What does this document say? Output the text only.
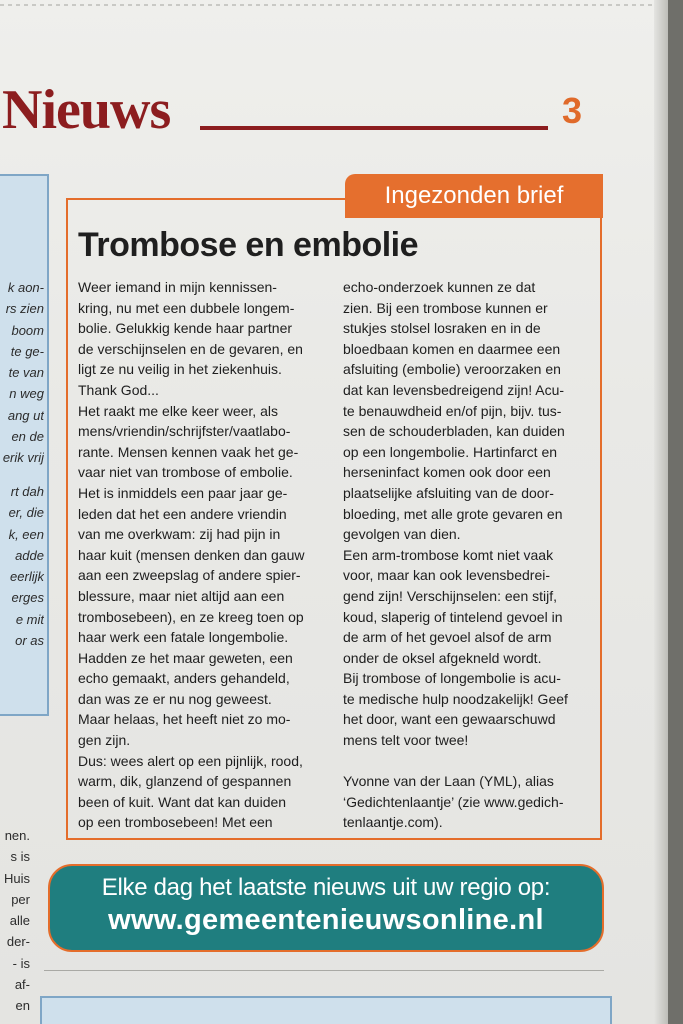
Nieuws	3
k aon-
rs zien
boom
te ge-
te van
n weg
ang ut
en de
erik vrij
rt dah
er, die
k, een
adde
eerlijk
erges
e mit
or as
nen.
s is
Huis
per
alle
der-
- is
af-
en
Ingezonden brief
Trombose en embolie
Weer iemand in mijn kennissen-
kring, nu met een dubbele longem-
bolie. Gelukkig kende haar partner
de verschijnselen en de gevaren, en
ligt ze nu veilig in het ziekenhuis.
Thank God...
Het raakt me elke keer weer, als
mens/vriendin/schrijfster/vaatlabo-
rante. Mensen kennen vaak het ge-
vaar niet van trombose of embolie.
Het is inmiddels een paar jaar ge-
leden dat het een andere vriendin
van me overkwam: zij had pijn in
haar kuit (mensen denken dan gauw
aan een zweepslag of andere spier-
blessure, maar niet altijd aan een
trombosebeen), en ze kreeg toen op
haar werk een fatale longembolie.
Hadden ze het maar geweten, een
echo gemaakt, anders gehandeld,
dan was ze er nu nog geweest.
Maar helaas, het heeft niet zo mo-
gen zijn.
Dus: wees alert op een pijnlijk, rood,
warm, dik, glanzend of gespannen
been of kuit. Want dat kan duiden
op een trombosebeen! Met een
echo-onderzoek kunnen ze dat
zien. Bij een trombose kunnen er
stukjes stolsel losraken en in de
bloedbaan komen en daarmee een
afsluiting (embolie) veroorzaken en
dat kan levensbedreigend zijn! Acu-
te benauwdheid en/of pijn, bijv. tus-
sen de schouderbladen, kan duiden
op een longembolie. Hartinfarct en
herseninfact komen ook door een
plaatselijke afsluiting van de door-
bloeding, met alle grote gevaren en
gevolgen van dien.
Een arm-trombose komt niet vaak
voor, maar kan ook levensbedrei-
gend zijn! Verschijnselen: een stijf,
koud, slaperig of tintelend gevoel in
de arm of het gevoel alsof de arm
onder de oksel afgekneld wordt.
Bij trombose of longembolie is acu-
te medische hulp noodzakelijk! Geef
het door, want een gewaarschuwd
mens telt voor twee!
Yvonne van der Laan (YML), alias
‘Gedichtenlaantje’ (zie www.gedich-
tenlaantje.com).
Elke dag het laatste nieuws uit uw regio op:
www.gemeentenieuwsonline.nl
